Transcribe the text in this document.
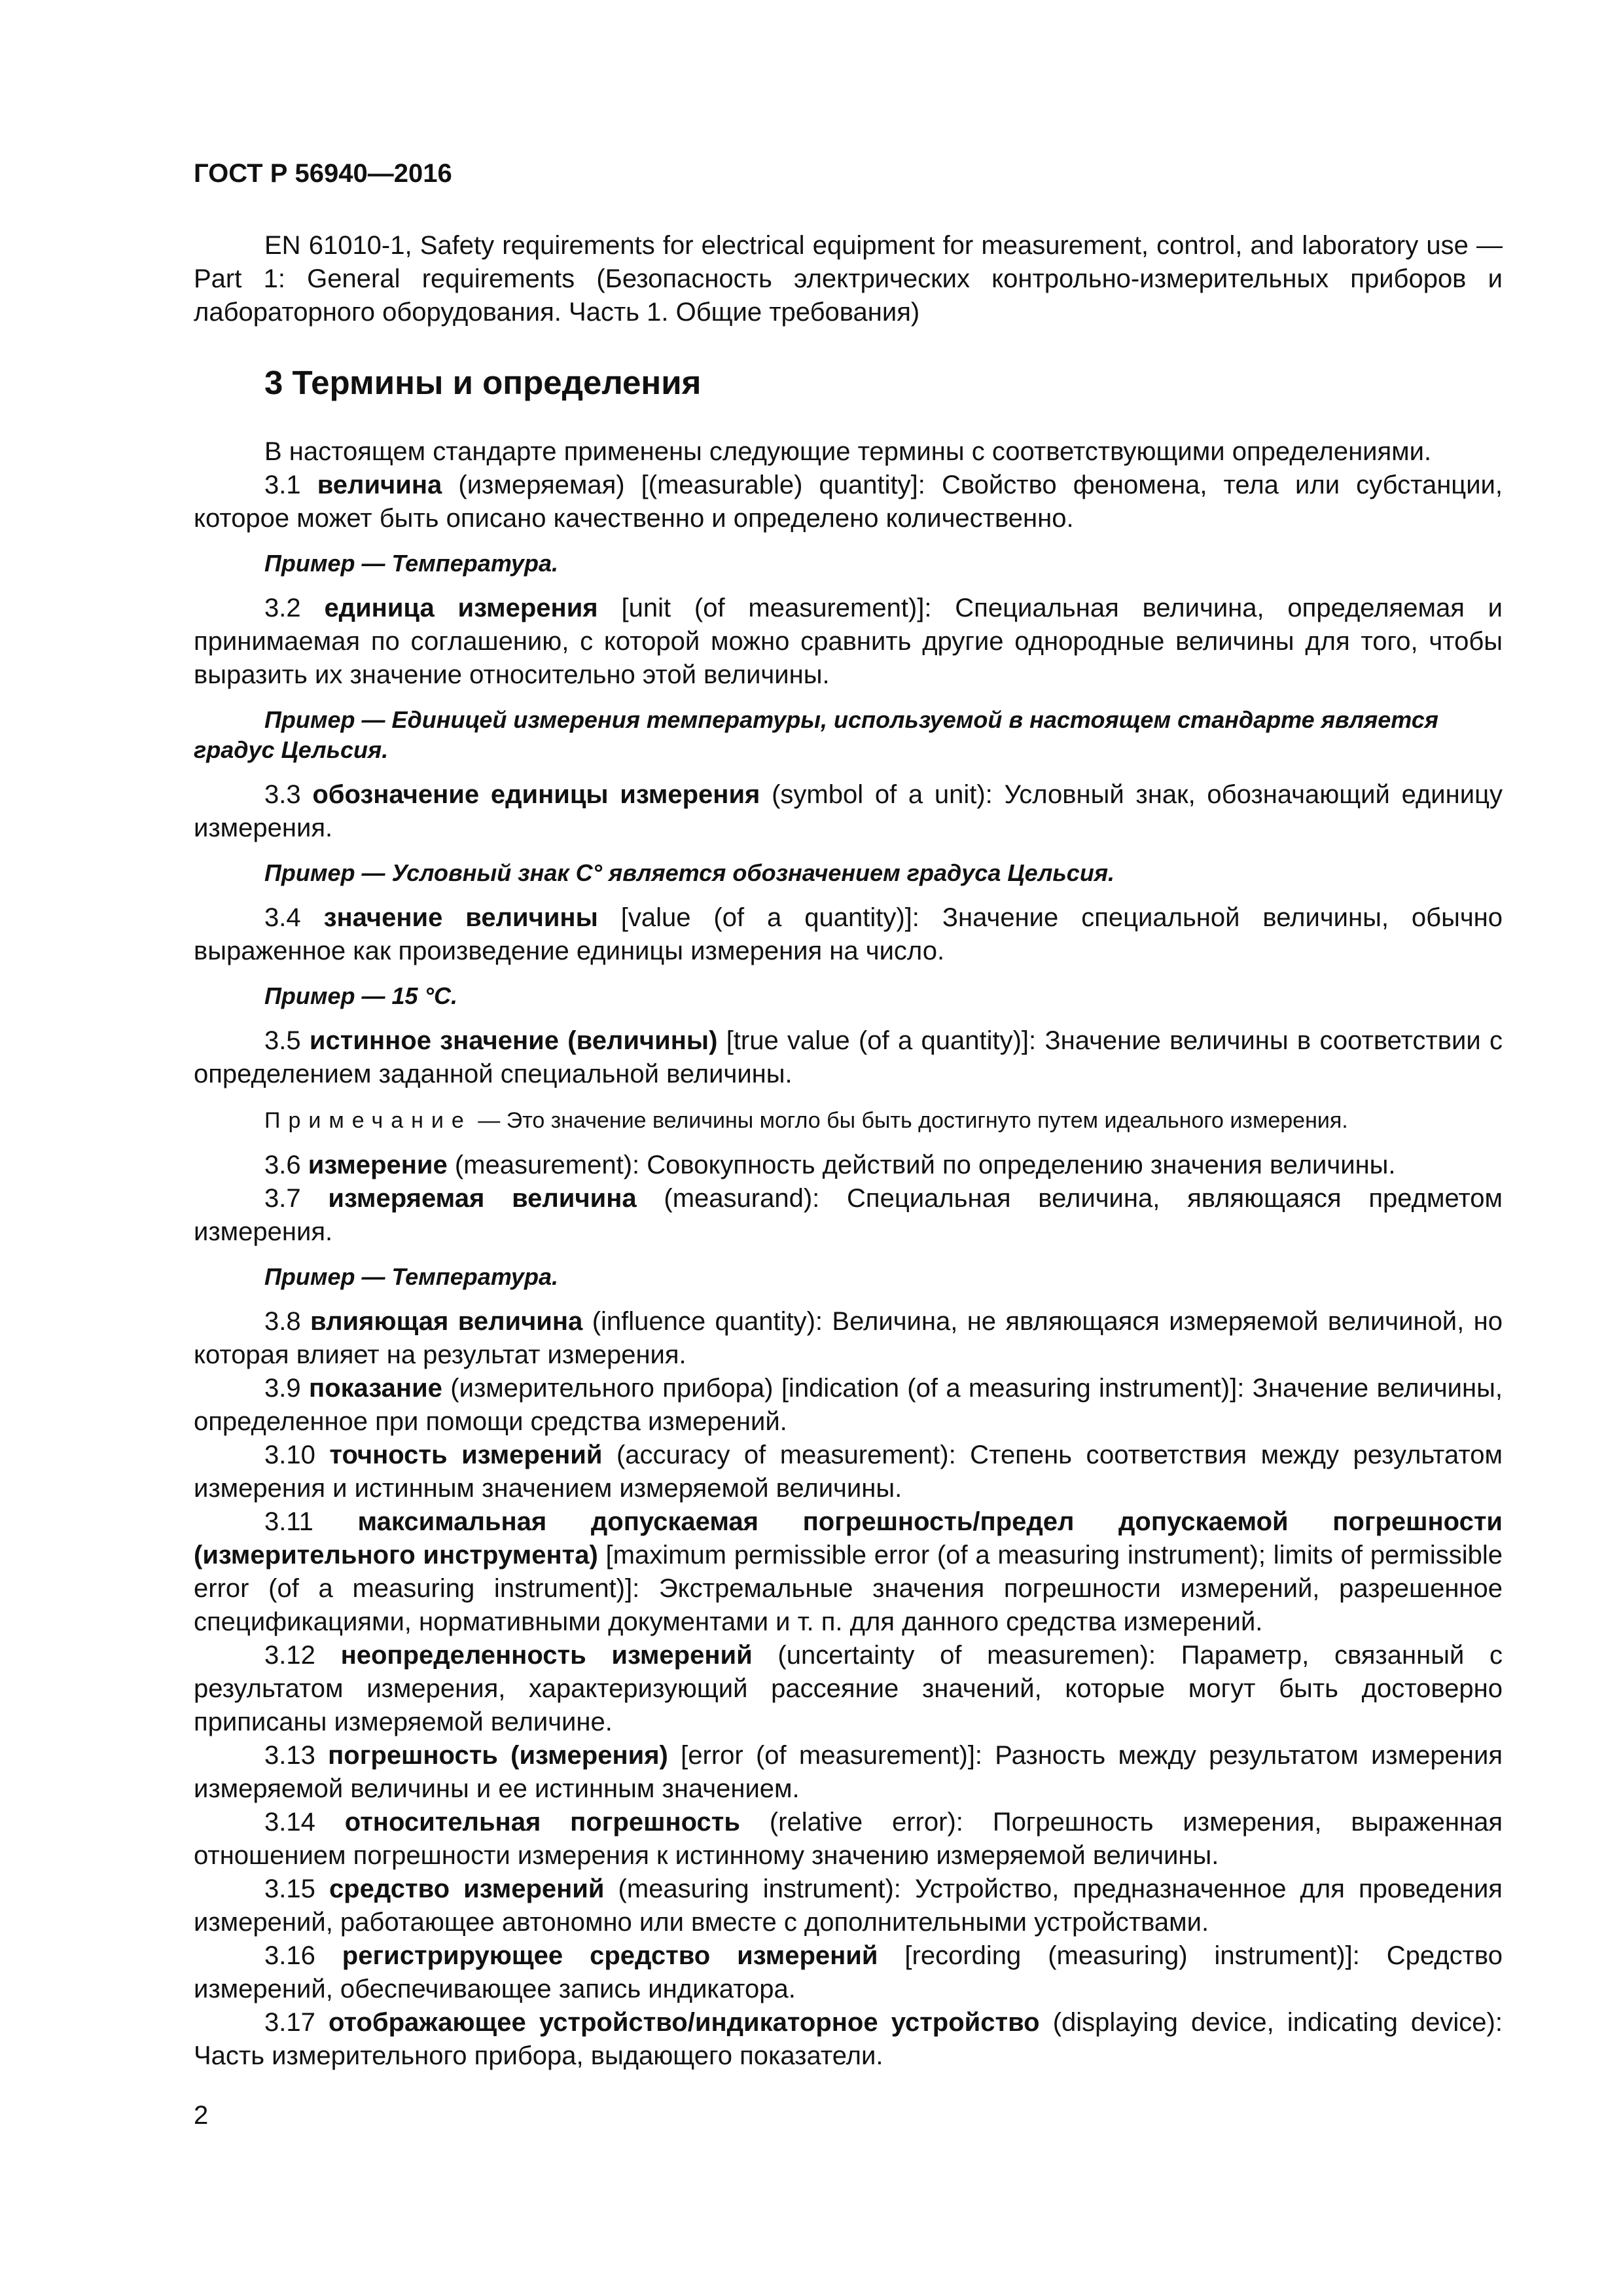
ГОСТ Р 56940—2016

EN 61010-1, Safety requirements for electrical equipment for measurement, control, and laboratory use — Part 1: General requirements (Безопасность электрических контрольно-измерительных приборов и лабораторного оборудования. Часть 1. Общие требования)

3 Термины и определения

В настоящем стандарте применены следующие термины с соответствующими определениями.

3.1 величина (измеряемая) [(measurable) quantity]: Свойство феномена, тела или субстанции, которое может быть описано качественно и определено количественно.

Пример — Температура.

3.2 единица измерения [unit (of measurement)]: Специальная величина, определяемая и принимаемая по соглашению, с которой можно сравнить другие однородные величины для того, чтобы выразить их значение относительно этой величины.

Пример — Единицей измерения температуры, используемой в настоящем стандарте является градус Цельсия.

3.3 обозначение единицы измерения (symbol of a unit): Условный знак, обозначающий единицу измерения.

Пример — Условный знак С° является обозначением градуса Цельсия.

3.4 значение величины [value (of a quantity)]: Значение специальной величины, обычно выраженное как произведение единицы измерения на число.

Пример — 15 °С.

3.5 истинное значение (величины) [true value (of a quantity)]: Значение величины в соответствии с определением заданной специальной величины.

Примечание — Это значение величины могло бы быть достигнуто путем идеального измерения.

3.6 измерение (measurement): Совокупность действий по определению значения величины.

3.7 измеряемая величина (measurand): Специальная величина, являющаяся предметом измерения.

Пример — Температура.

3.8 влияющая величина (influence quantity): Величина, не являющаяся измеряемой величиной, но которая влияет на результат измерения.

3.9 показание (измерительного прибора) [indication (of a measuring instrument)]: Значение величины, определенное при помощи средства измерений.

3.10 точность измерений (accuracy of measurement): Степень соответствия между результатом измерения и истинным значением измеряемой величины.

3.11 максимальная допускаемая погрешность/предел допускаемой погрешности (измерительного инструмента) [maximum permissible error (of a measuring instrument); limits of permissible error (of a measuring instrument)]: Экстремальные значения погрешности измерений, разрешенное спецификациями, нормативными документами и т. п. для данного средства измерений.

3.12 неопределенность измерений (uncertainty of measuremen): Параметр, связанный с результатом измерения, характеризующий рассеяние значений, которые могут быть достоверно приписаны измеряемой величине.

3.13 погрешность (измерения) [error (of measurement)]: Разность между результатом измерения измеряемой величины и ее истинным значением.

3.14 относительная погрешность (relative error): Погрешность измерения, выраженная отношением погрешности измерения к истинному значению измеряемой величины.

3.15 средство измерений (measuring instrument): Устройство, предназначенное для проведения измерений, работающее автономно или вместе с дополнительными устройствами.

3.16 регистрирующее средство измерений [recording (measuring) instrument)]: Средство измерений, обеспечивающее запись индикатора.

3.17 отображающее устройство/индикаторное устройство (displaying device, indicating device): Часть измерительного прибора, выдающего показатели.

2
